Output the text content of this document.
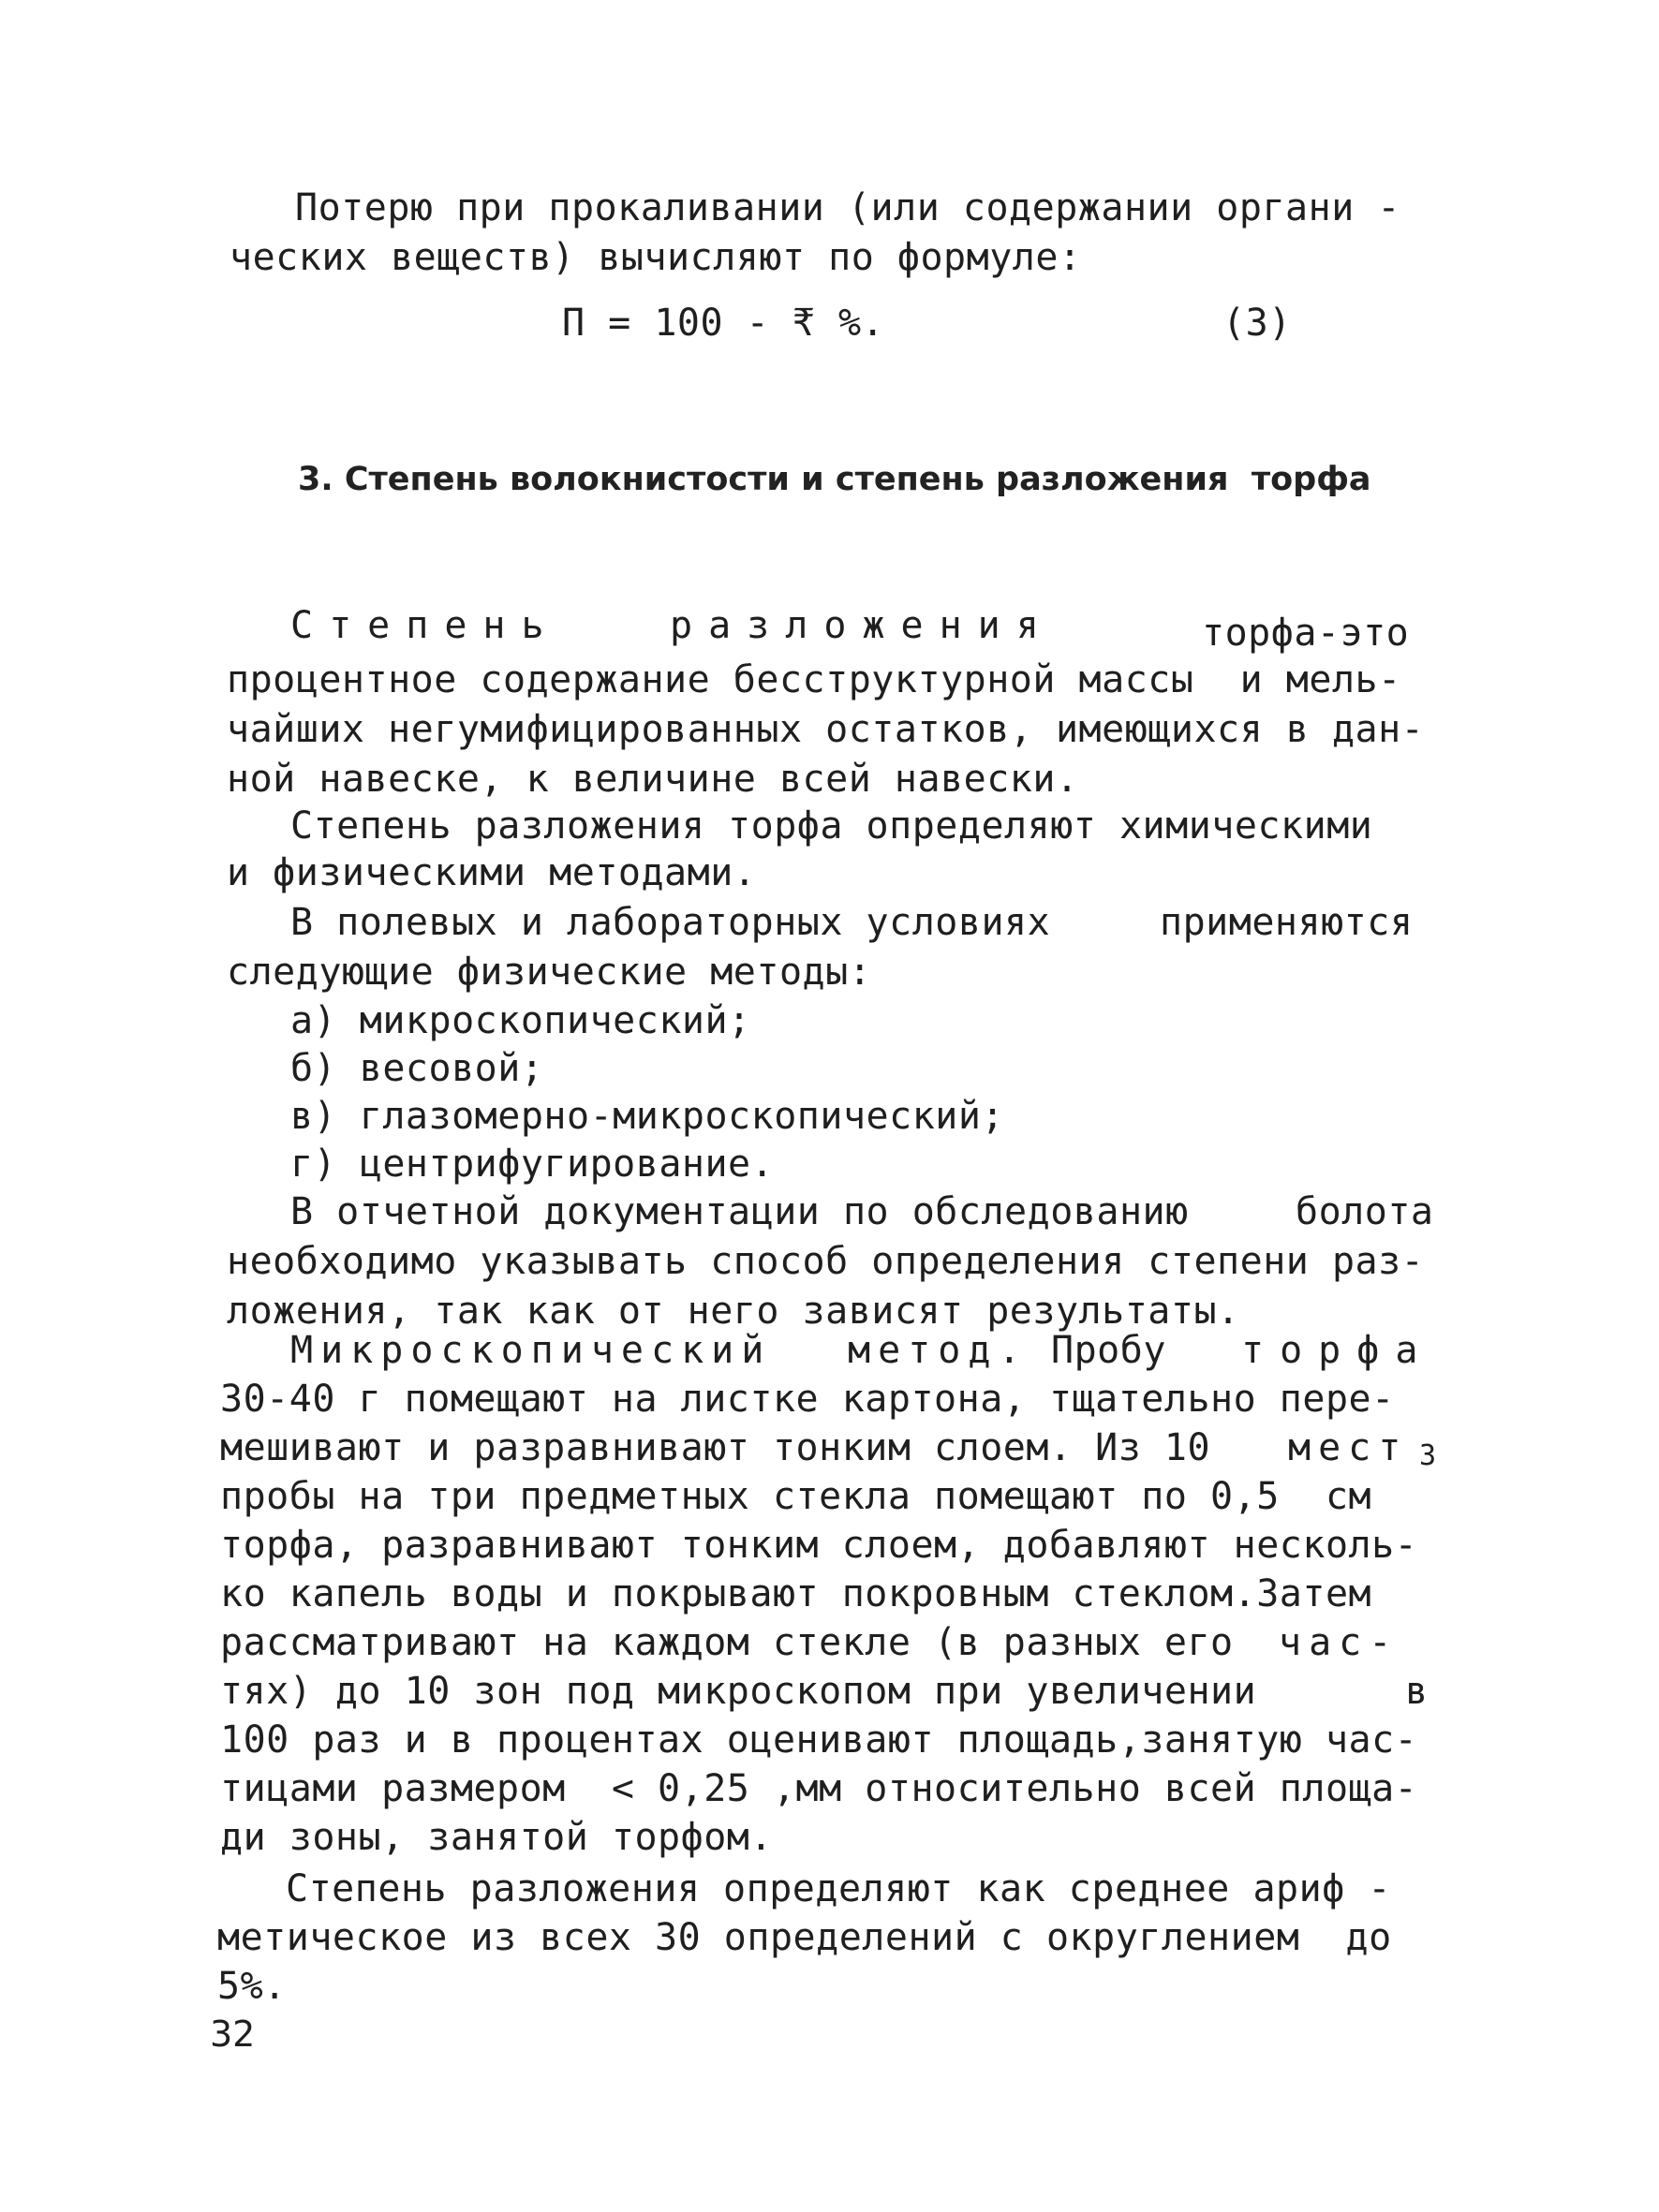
Потерю при прокаливании (или содержании органи -
ческих веществ) вычисляют по формуле:
П = 100 - ₹ %.	(3)
3. Степень волокнистости и степень разложения  торфа
Степень	разложения	торфа-это
процентное содержание бесструктурной массы  и мель-
чайших негумифицированных остатков, имеющихся в дан-
ной навеске, к величине всей навески.
Степень разложения торфа определяют химическими
и физическими методами.
В полевых и лабораторных условиях	применяются
следующие физические методы:
а) микроскопический;
б) весовой;
в) глазомерно-микроскопический;
г) центрифугирование.
В отчетной документации по обследованию	болота
необходимо указывать способ определения степени раз-
ложения, так как от него зависят результаты.
Микроскопический метод. Пробу торфа
30-40 г помещают на листке картона, тщательно пере-
мешивают и разравнивают тонким слоем. Из 10 мест
пробы на три предметных стекла помещают по 0,5  см
3
торфа, разравнивают тонким слоем, добавляют несколь-
ко капель воды и покрывают покровным стеклом.Затем
рассматривают на каждом стекле (в разных его час-
тях) до 10 зон под микроскопом при увеличении	в
100 раз и в процентах оценивают площадь,занятую час-
тицами размером  < 0,25 ,мм относительно всей площа-
ди зоны, занятой торфом.
Степень разложения определяют как среднее ариф -
метическое из всех 30 определений с округлением  до
5%.
32
